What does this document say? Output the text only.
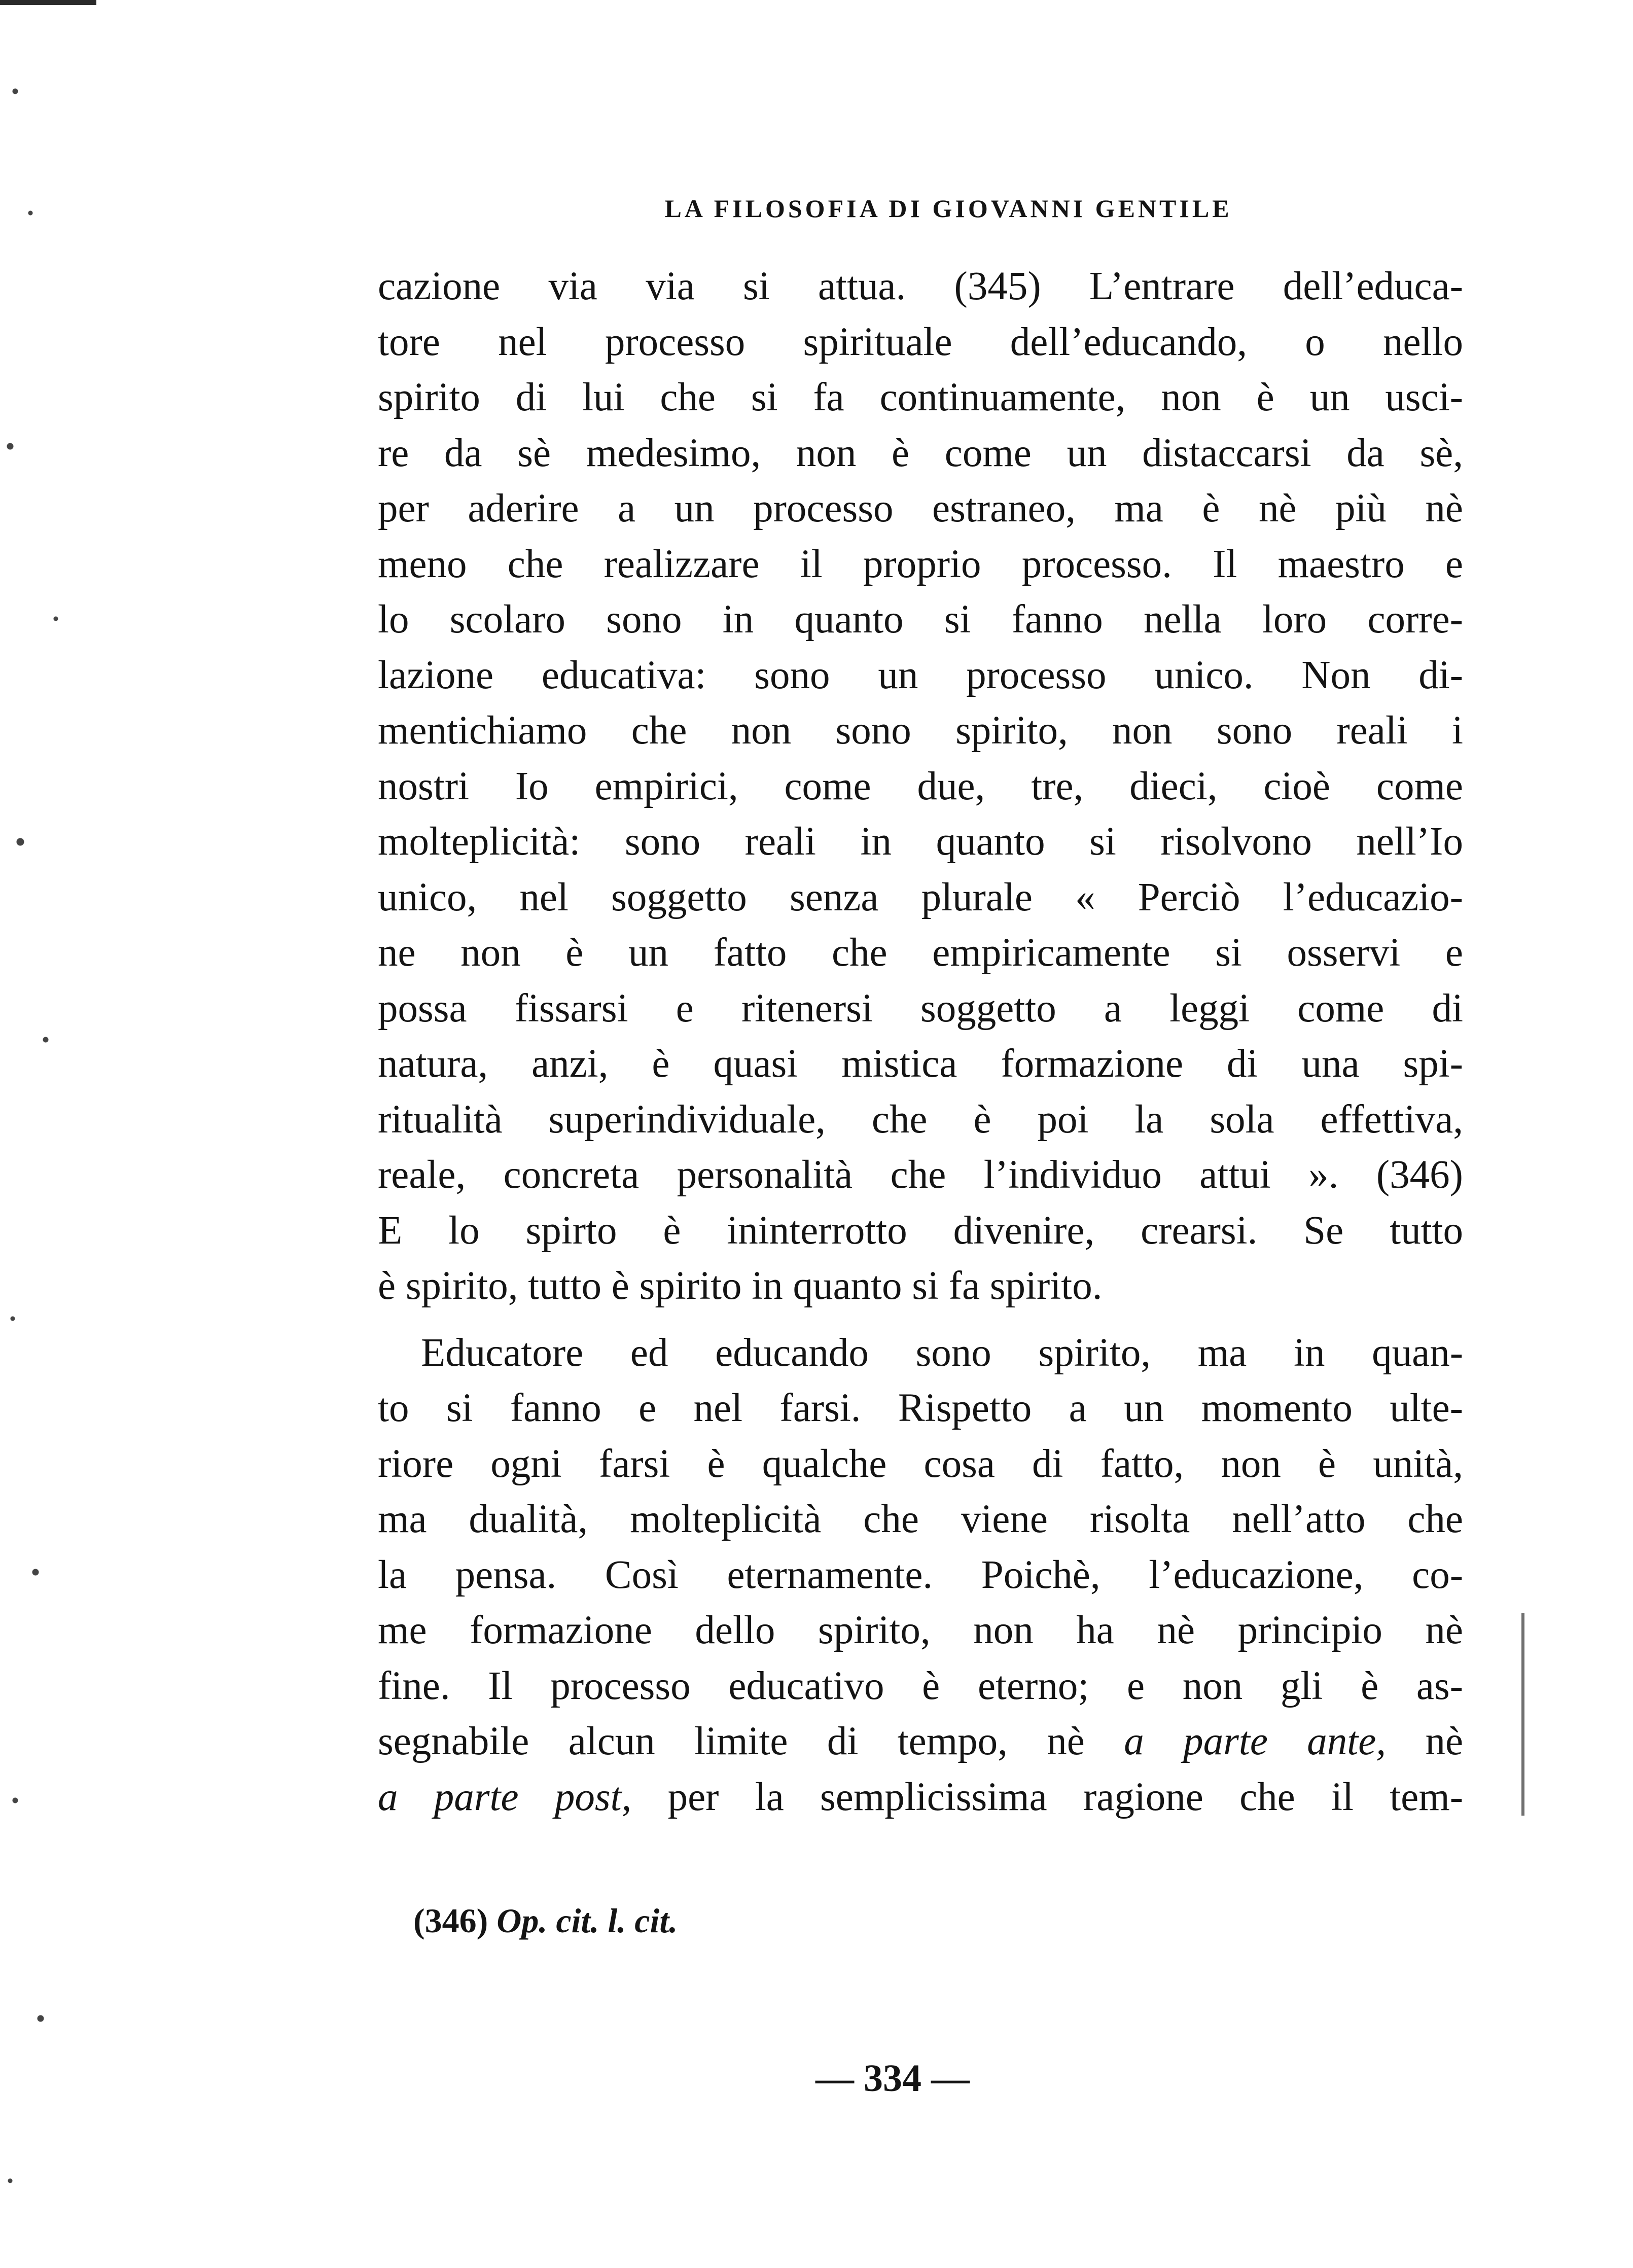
LA FILOSOFIA DI GIOVANNI GENTILE
cazione via via si attua. (345) L’entrare dell’educa-
tore nel processo spirituale dell’educando, o nello
spirito di lui che si fa continuamente, non è un usci-
re da sè medesimo, non è come un distaccarsi da sè,
per aderire a un processo estraneo, ma è nè più nè
meno che realizzare il proprio processo. Il maestro e
lo scolaro sono in quanto si fanno nella loro corre-
lazione educativa: sono un processo unico. Non di-
mentichiamo che non sono spirito, non sono reali i
nostri Io empirici, come due, tre, dieci, cioè come
molteplicità: sono reali in quanto si risolvono nell’Io
unico, nel soggetto senza plurale « Perciò l’educazio-
ne non è un fatto che empiricamente si osservi e
possa fissarsi e ritenersi soggetto a leggi come di
natura, anzi, è quasi mistica formazione di una spi-
ritualità superindividuale, che è poi la sola effettiva,
reale, concreta personalità che l’individuo attui ». (346)
E lo spirto è ininterrotto divenire, crearsi. Se tutto
è spirito, tutto è spirito in quanto si fa spirito.
Educatore ed educando sono spirito, ma in quan-
to si fanno e nel farsi. Rispetto a un momento ulte-
riore ogni farsi è qualche cosa di fatto, non è unità,
ma dualità, molteplicità che viene risolta nell’atto che
la pensa. Così eternamente. Poichè, l’educazione, co-
me formazione dello spirito, non ha nè principio nè
fine. Il processo educativo è eterno; e non gli è as-
segnabile alcun limite di tempo, nè a parte ante, nè
a parte post, per la semplicissima ragione che il tem-
(346) Op. cit. l. cit.
— 334 —
